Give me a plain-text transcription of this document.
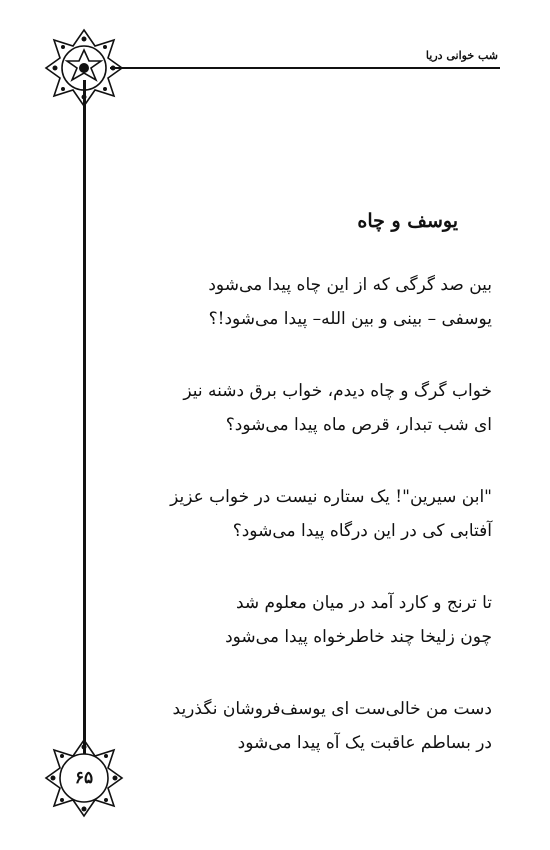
شب خوانی دریا
۶۵
یوسف و چاه
بین صد گرگی که از این چاه پیدا می‌شود
یوسفی – بینی و بین الله– پیدا می‌شود!؟
خواب گرگ و چاه دیدم، خواب برق دشنه نیز
ای شب تبدار، قرص ماه پیدا می‌شود؟
"ابن سیرین"! یک ستاره نیست در خواب عزیز
آفتابی کی در این درگاه پیدا می‌شود؟
تا ترنج و کارد آمد در میان معلوم شد
چون زلیخا چند خاطرخواه پیدا می‌شود
دست من خالی‌ست ای یوسف‌فروشان نگذرید
در بساطم عاقبت یک آه پیدا می‌شود
